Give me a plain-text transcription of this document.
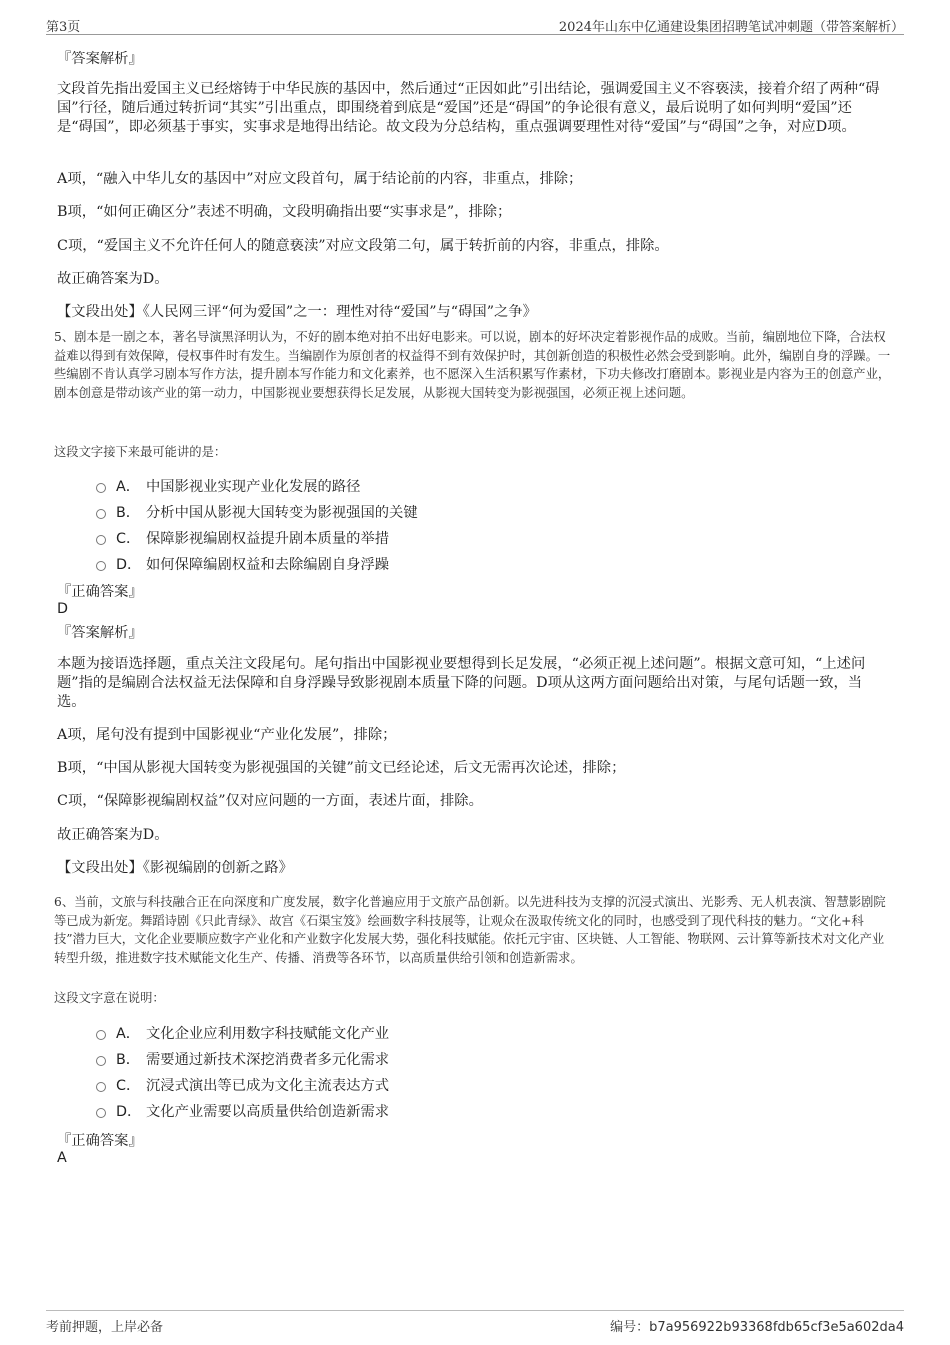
第3页	2024年山东中亿通建设集团招聘笔试冲刺题（带答案解析）
『答案解析』

文段首先指出爱国主义已经熔铸于中华民族的基因中，然后通过“正因如此”引出结论，强调爱国主义不容亵渎，接着介绍了两种“碍国”行径，随后通过转折词“其实”引出重点，即围绕着到底是“爱国”还是“碍国”的争论很有意义，最后说明了如何判明“爱国”还是“碍国”，即必须基于事实，实事求是地得出结论。故文段为分总结构，重点强调要理性对待“爱国”与“碍国”之争，对应D项。

A项，“融入中华儿女的基因中”对应文段首句，属于结论前的内容，非重点，排除；

B项，“如何正确区分”表述不明确，文段明确指出要“实事求是”，排除；

C项，“爱国主义不允许任何人的随意亵渎”对应文段第二句，属于转折前的内容，非重点，排除。

故正确答案为D。

【文段出处】《人民网三评“何为爱国”之一：理性对待“爱国”与“碍国”之争》

5、剧本是一剧之本，著名导演黑泽明认为，不好的剧本绝对拍不出好电影来。可以说，剧本的好坏决定着影视作品的成败。当前，编剧地位下降，合法权益难以得到有效保障，侵权事件时有发生。当编剧作为原创者的权益得不到有效保护时，其创新创造的积极性必然会受到影响。此外，编剧自身的浮躁。一些编剧不肯认真学习剧本写作方法，提升剧本写作能力和文化素养，也不愿深入生活积累写作素材，下功夫修改打磨剧本。影视业是内容为王的创意产业，剧本创意是带动该产业的第一动力，中国影视业要想获得长足发展，从影视大国转变为影视强国，必须正视上述问题。

这段文字接下来最可能讲的是：
A． 中国影视业实现产业化发展的路径
B． 分析中国从影视大国转变为影视强国的关键
C． 保障影视编剧权益提升剧本质量的举措
D． 如何保障编剧权益和去除编剧自身浮躁
『正确答案』
D
『答案解析』

本题为接语选择题，重点关注文段尾句。尾句指出中国影视业要想得到长足发展，“必须正视上述问题”。根据文意可知，“上述问题”指的是编剧合法权益无法保障和自身浮躁导致影视剧本质量下降的问题。D项从这两方面问题给出对策，与尾句话题一致，当选。

A项，尾句没有提到中国影视业“产业化发展”，排除；

B项，“中国从影视大国转变为影视强国的关键”前文已经论述，后文无需再次论述，排除；

C项，“保障影视编剧权益”仅对应问题的一方面，表述片面，排除。

故正确答案为D。

【文段出处】《影视编剧的创新之路》

6、当前，文旅与科技融合正在向深度和广度发展，数字化普遍应用于文旅产品创新。以先进科技为支撑的沉浸式演出、光影秀、无人机表演、智慧影剧院等已成为新宠。舞蹈诗剧《只此青绿》、故宫《石渠宝笈》绘画数字科技展等，让观众在汲取传统文化的同时，也感受到了现代科技的魅力。“文化+科技”潜力巨大，文化企业要顺应数字产业化和产业数字化发展大势，强化科技赋能。依托元宇宙、区块链、人工智能、物联网、云计算等新技术对文化产业转型升级，推进数字技术赋能文化生产、传播、消费等各环节，以高质量供给引领和创造新需求。

这段文字意在说明：
A． 文化企业应利用数字科技赋能文化产业
B． 需要通过新技术深挖消费者多元化需求
C． 沉浸式演出等已成为文化主流表达方式
D． 文化产业需要以高质量供给创造新需求
『正确答案』
A
考前押题，上岸必备	编号：b7a956922b93368fdb65cf3e5a602da4
